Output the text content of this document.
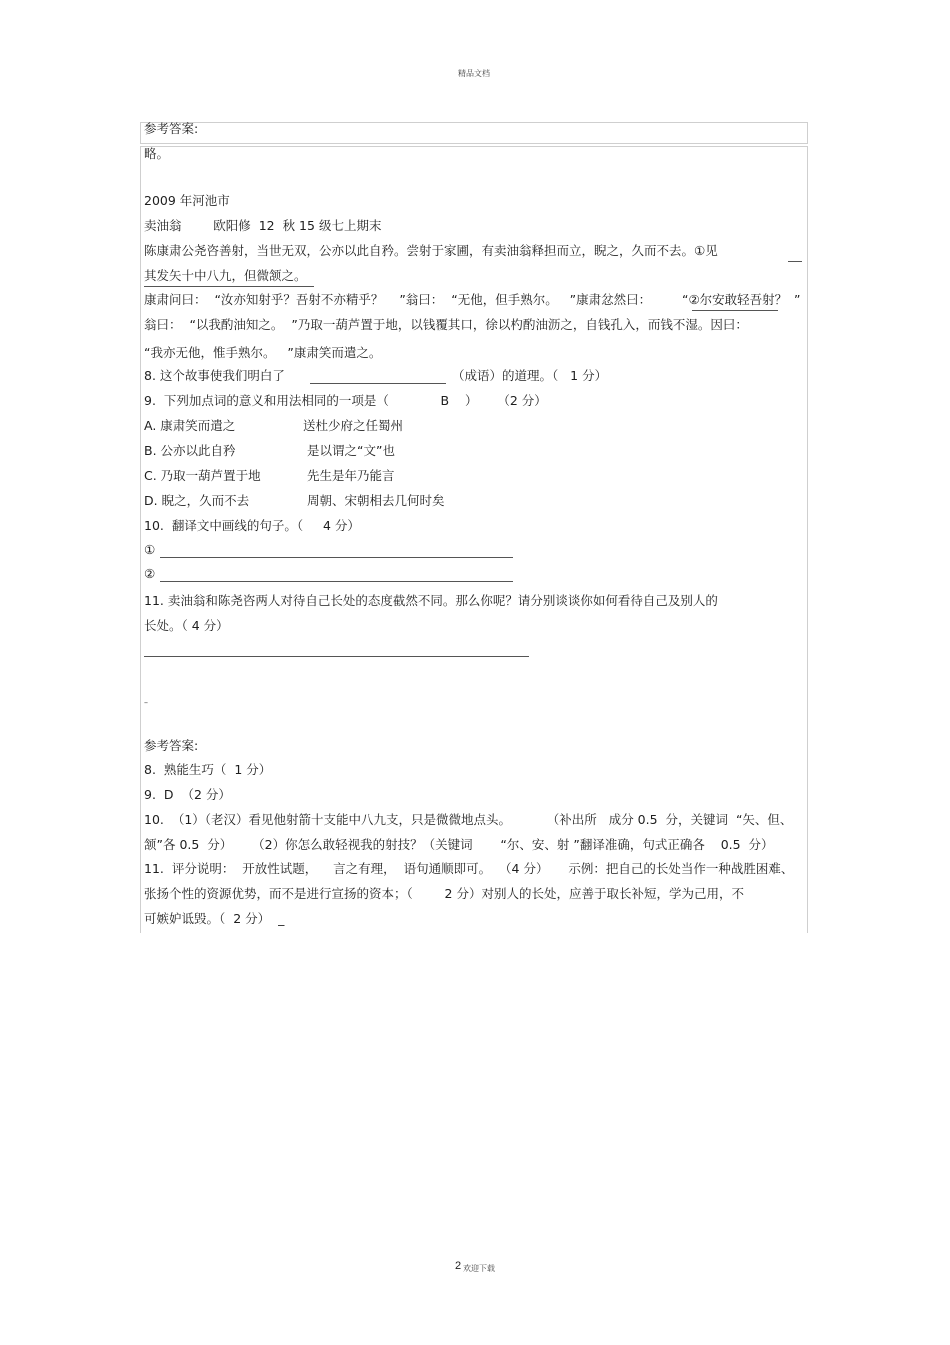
精品文档
参考答案:
略。
2009 年河池市
卖油翁        欧阳修  12  秋 15 级七上期末
陈康肃公尧咨善射，当世无双，公亦以此自矜。尝射于家圃，有卖油翁释担而立，睨之，久而不去。①见
其发矢十中八九，但微颔之。
康肃问曰：  “汝亦知射乎？吾射不亦精乎？    ”翁曰：  “无他，但手熟尔。   ”康肃忿然曰： “②尔安敢轻吾射？ ”
翁曰：  “以我酌油知之。  ”乃取一葫芦置于地，以钱覆其口，徐以杓酌油沥之，自钱孔入，而钱不湿。因曰：
“我亦无他，惟手熟尔。   ”康肃笑而遣之。
8. 这个故事使我们明白了	（成语）的道理。（   1 分）
9.  下列加点词的意义和用法相同的一项是（             B    ）     （2 分）
A. 康肃笑而遣之	送杜少府之任蜀州
B. 公亦以此自矜	是以谓之“文”也
C. 乃取一葫芦置于地	先生是年乃能言
D. 睨之，久而不去	周朝、宋朝相去几何时矣
10.  翻译文中画线的句子。（     4 分）
①
②
11. 卖油翁和陈尧咨两人对待自己长处的态度截然不同。那么你呢？请分别谈谈你如何看待自己及别人的
长处。（ 4 分）
–
参考答案:
8.  熟能生巧（  1 分）
9.  D  （2 分）
10.  （1）（老汉）看见他射箭十支能中八九支，只是微微地点头。         （补出所   成分 0.5  分，关键词  “矢、但、
颔”各 0.5  分）     （2）你怎么敢轻视我的射技？（关键词       “尔、安、射 ”翻译准确，句式正确各    0.5  分）
11.  评分说明：  开放性试题，    言之有理，  语句通顺即可。  （4 分）     示例：把自己的长处当作一种战胜困难、
张扬个性的资源优势，而不是进行宣扬的资本；（        2 分）对别人的长处，应善于取长补短，学为己用，不
可嫉妒诋毁。（  2 分）  _
2 欢迎下载
